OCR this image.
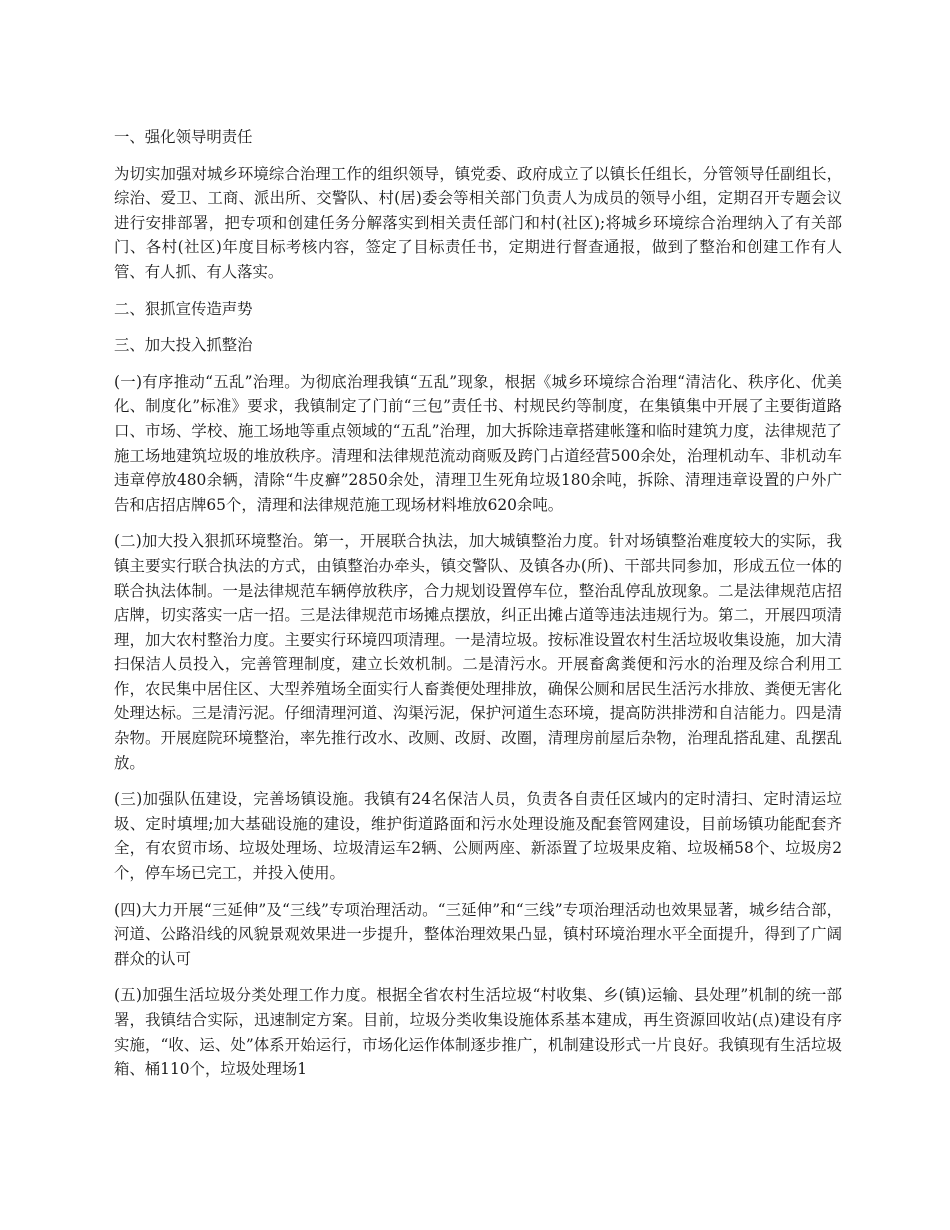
一、强化领导明责任

为切实加强对城乡环境综合治理工作的组织领导，镇党委、政府成立了以镇长任组长，分管领导任副组长，综治、爱卫、工商、派出所、交警队、村(居)委会等相关部门负责人为成员的领导小组，定期召开专题会议进行安排部署，把专项和创建任务分解落实到相关责任部门和村(社区);将城乡环境综合治理纳入了有关部门、各村(社区)年度目标考核内容，签定了目标责任书，定期进行督查通报，做到了整治和创建工作有人管、有人抓、有人落实。

二、狠抓宣传造声势

三、加大投入抓整治

(一)有序推动“五乱”治理。为彻底治理我镇“五乱”现象，根据《城乡环境综合治理“清洁化、秩序化、优美化、制度化”标准》要求，我镇制定了门前“三包”责任书、村规民约等制度，在集镇集中开展了主要街道路口、市场、学校、施工场地等重点领域的“五乱”治理，加大拆除违章搭建帐篷和临时建筑力度，法律规范了施工场地建筑垃圾的堆放秩序。清理和法律规范流动商贩及跨门占道经营500余处，治理机动车、非机动车违章停放480余辆，清除“牛皮癣”2850余处，清理卫生死角垃圾180余吨，拆除、清理违章设置的户外广告和店招店牌65个，清理和法律规范施工现场材料堆放620余吨。

(二)加大投入狠抓环境整治。第一，开展联合执法，加大城镇整治力度。针对场镇整治难度较大的实际，我镇主要实行联合执法的方式，由镇整治办牵头，镇交警队、及镇各办(所)、干部共同参加，形成五位一体的联合执法体制。一是法律规范车辆停放秩序，合力规划设置停车位，整治乱停乱放现象。二是法律规范店招店牌，切实落实一店一招。三是法律规范市场摊点摆放，纠正出摊占道等违法违规行为。第二，开展四项清理，加大农村整治力度。主要实行环境四项清理。一是清垃圾。按标准设置农村生活垃圾收集设施，加大清扫保洁人员投入，完善管理制度，建立长效机制。二是清污水。开展畜禽粪便和污水的治理及综合利用工作，农民集中居住区、大型养殖场全面实行人畜粪便处理排放，确保公厕和居民生活污水排放、粪便无害化处理达标。三是清污泥。仔细清理河道、沟渠污泥，保护河道生态环境，提高防洪排涝和自洁能力。四是清杂物。开展庭院环境整治，率先推行改水、改厕、改厨、改圈，清理房前屋后杂物，治理乱搭乱建、乱摆乱放。

(三)加强队伍建设，完善场镇设施。我镇有24名保洁人员，负责各自责任区域内的定时清扫、定时清运垃圾、定时填埋;加大基础设施的建设，维护街道路面和污水处理设施及配套管网建设，目前场镇功能配套齐全，有农贸市场、垃圾处理场、垃圾清运车2辆、公厕两座、新添置了垃圾果皮箱、垃圾桶58个、垃圾房2个，停车场已完工，并投入使用。

(四)大力开展“三延伸”及“三线”专项治理活动。“三延伸”和“三线”专项治理活动也效果显著，城乡结合部，河道、公路沿线的风貌景观效果进一步提升，整体治理效果凸显，镇村环境治理水平全面提升，得到了广阔群众的认可

(五)加强生活垃圾分类处理工作力度。根据全省农村生活垃圾“村收集、乡(镇)运输、县处理”机制的统一部署，我镇结合实际，迅速制定方案。目前，垃圾分类收集设施体系基本建成，再生资源回收站(点)建设有序实施，“收、运、处”体系开始运行，市场化运作体制逐步推广，机制建设形式一片良好。我镇现有生活垃圾箱、桶110个，垃圾处理场1
